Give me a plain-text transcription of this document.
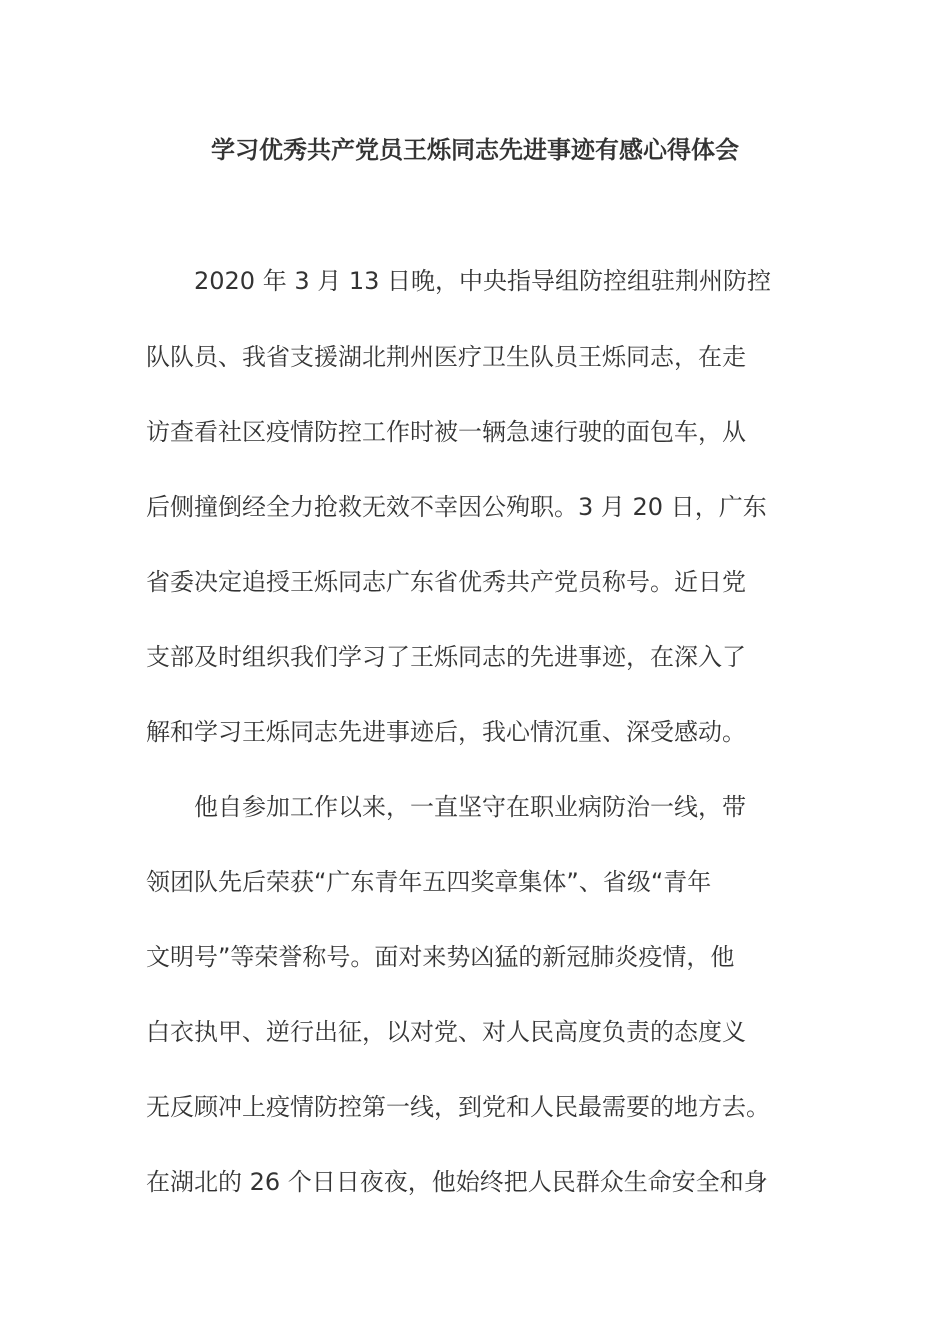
学习优秀共产党员王烁同志先进事迹有感心得体会
2020 年 3 月 13 日晚，中央指导组防控组驻荆州防控
队队员、我省支援湖北荆州医疗卫生队员王烁同志，在走
访查看社区疫情防控工作时被一辆急速行驶的面包车，从
后侧撞倒经全力抢救无效不幸因公殉职。3 月 20 日，广东
省委决定追授王烁同志广东省优秀共产党员称号。近日党
支部及时组织我们学习了王烁同志的先进事迹，在深入了
解和学习王烁同志先进事迹后，我心情沉重、深受感动。
他自参加工作以来，一直坚守在职业病防治一线，带
领团队先后荣获“广东青年五四奖章集体”、省级“青年
文明号”等荣誉称号。面对来势凶猛的新冠肺炎疫情，他
白衣执甲、逆行出征，以对党、对人民高度负责的态度义
无反顾冲上疫情防控第一线，到党和人民最需要的地方去。
在湖北的 26 个日日夜夜，他始终把人民群众生命安全和身
